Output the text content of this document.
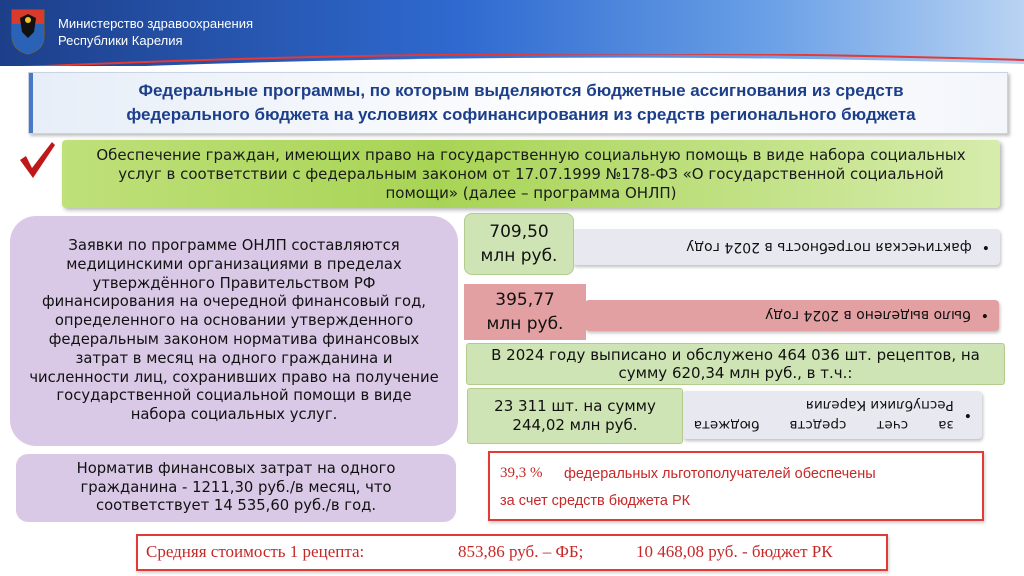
Министерство здравоохранения
Республики Карелия
Федеральные программы, по которым выделяются бюджетные ассигнования из средств
федерального бюджета на условиях софинансирования из средств регионального бюджета
Обеспечение граждан, имеющих право на государственную социальную помощь в виде набора социальных услуг в соответствии с федеральным законом от 17.07.1999 №178-ФЗ «О государственной социальной помощи» (далее – программа ОНЛП)
Заявки по программе ОНЛП составляются медицинскими организациями в пределах утверждённого Правительством РФ финансирования на очередной финансовый год, определенного на основании утвержденного федеральным законом норматива финансовых затрат в месяц на одного гражданина и численности лиц, сохранивших право на получение государственной социальной помощи в виде набора социальных услуг.
Норматив финансовых затрат на одного гражданина - 1211,30 руб./в месяц, что соответствует 14 535,60 руб./в год.
•
фактическая потребность в 2024 году
709,50
млн руб.
•
было выделено в 2024 году
395,77
млн руб.
В 2024 году выписано и обслужено 464 036 шт. рецептов, на сумму 620,34 млн руб., в т.ч.:
•
за счет средств бюджета Республики Карелия
23 311 шт. на сумму 244,02 млн руб.
39,3 % федеральных льготополучателей обеспечены
за счет средств бюджета РК
Средняя стоимость 1 рецепта:	853,86 руб. – ФБ;	10 468,08 руб. - бюджет РК
